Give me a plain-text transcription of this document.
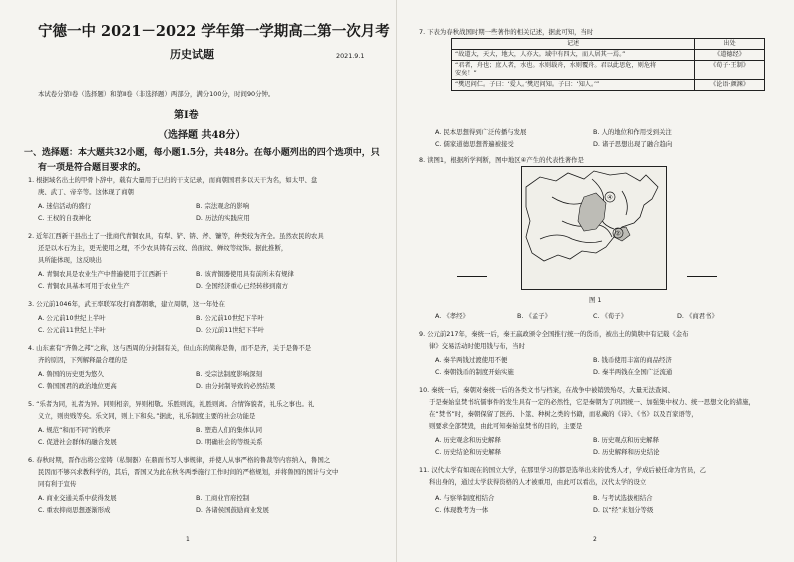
宁德一中 2021－2022 学年第一学期高二第一次月考
历史试题	2021.9.1
本试卷分第Ⅰ卷（选择题）和第Ⅱ卷（非选择题）两部分，满分100分，时间90分钟。
第Ⅰ卷
（选择题 共48分）
一、选择题：本大题共32小题，每小题1.5分，共48分。在每小题列出的四个选项中，只
有一项是符合题目要求的。
1. 根据域名出土的甲骨卜辞中，载有大量用于已归的干支记录，而商朝国君多以天干为名，如太甲、盘
庚、武丁、帝辛等。这体现了商朝
A. 迷信活动的盛行	B. 宗法观念的影响
C. 王权的自我神化	D. 历法的实践应用
2. 近年江西新干县出土了一批商代青铜农具，有犁、铲、锛、斧、镰等，种类较为齐全。虽然农民的农具
还是以木石为主，更无使用之理，不少农具铸有云纹、兽面纹、蝉纹等纹饰。据此推断，
具所能体现，这反映出
A. 青铜农具是农业生产中普遍使用于江西新干	B. 该青铜器使用具有前所未有规律
C. 青铜农具基本可用于农业生产	D. 全国经济重心已经转移到南方
3. 公元前1046年，武王率联军攻打商都朝歌，建立周朝，这一年处在
A. 公元前10世纪上半叶	B. 公元前10世纪下半叶
C. 公元前11世纪上半叶	D. 公元前11世纪下半叶
4. 山东素有“齐鲁之邦”之称，这与西周的分封制有关，但山东的简称是鲁，而不是齐，关于是鲁不是
齐的原因，下列解释最合理的是
A. 鲁国的历史更为悠久	B. 受宗法制度影响深刻
C. 鲁国国君的政治地位更高	D. 由分封制导致的必然结果
5. “乐者为同，礼者为异。同则相亲，异则相敬。乐胜则流，礼胜则离。合情饰貌者，礼乐之事也。礼
义立，则贵贱等矣。乐文同，则上下和矣。”据此，礼乐制度主要的社会功能是
A. 规范“和而不同”的秩序	B. 塑造人们的集体认同
C. 促进社会群体的融合发展	D. 明确社会的等级关系
6. 春秋时期，晋作出将公室铸（私铜器）在鼎面书写人事规律，并使人从事严格的鲁裁等内容纳入，鲁国之
民因而不够兴求教科学的，其后，晋国又为此在秋冬两季施行工作时间的严格规划，并将鲁国的国计与文中
同有利于宣传
A. 商业交通关系中获得发展	B. 工商业官府控制
C. 重农抑商思想逐渐形成	D. 各诸侯国鼓励商业发展
1
7. 下表为春秋战国时期一些著作的相关记述，据此可知，当时
记述	出处
“故道大，天大，地大，人亦大。域中有四大，而人居其一焉。”	《道德经》
“君者，舟也；庶人者，水也。水则载舟，水则覆舟。君以此思危，则危将
安矣！”	《荀子·王制》
“樊迟问仁。子曰：‘爱人。’樊迟问知。子曰：‘知人。’”	《论语·颜渊》
A. 民本思想得到广泛传播与发展	B. 人的地位和作用受到关注
C. 儒家道德思想普遍被接受	D. 诸子思想出现了融合趋向
8. 读图1，根据所学判断，图中地区④产生的代表性著作是
④
②
图 1
A. 《孝经》	B. 《孟子》	C. 《荀子》	D. 《商君书》
9. 公元前217年，秦统一后，秦王嬴政颁令全国推行统一的货币，被出土的简牍中有记载《金布
律》交易活动时使用钱与布，当时
A. 秦半两钱过渡使用不便	B. 钱币使用丰富的商品经济
C. 秦朝钱币的制度开始实施	D. 秦半两钱在全国广泛流通
10. 秦统一后，秦朝对秦统一后的各类文书与档案，在战争中被销毁殆尽，大量无法查阅、
于是秦始皇焚书坑儒事件的发生具有一定的必然性，它是秦朝为了巩固统一、加强集中权力、统一思想文化的措施，
在“焚书”时，秦朝保留了医药、卜筮、种树之类的书籍，而私藏的《诗》、《书》以及百家语等，
则要求全部焚毁，由此可知秦始皇焚书的目的，主要是
A. 历史观念和历史解释	B. 历史观点和历史解释
C. 历史结论和历史解释	D. 历史解释和历史结论
11. 汉代太学有如现在的国立大学，在那里学习的都是选举出来的优秀人才，学成后被任命为官员，乙
科出身的，通过太学获得资格的人才被重用，由此可以看出，汉代太学的设立
A. 与察举制度相结合	B. 与考试选拔相结合
C. 体现教考为一体	D. 以“经”来划分等级
2
